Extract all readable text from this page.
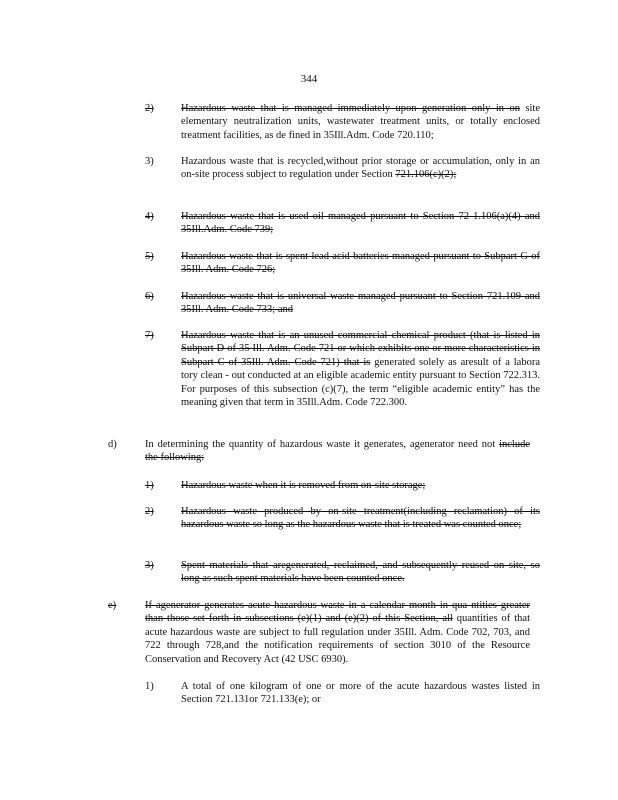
344
2)	Hazardous waste that is managed immediately upon generation only in on site elementary neutralization units, wastewater treatment units, or totally enclosed treatment facilities, as de fined in 35Ill.Adm. Code 720.110;
3)	Hazardous waste that is recycled,without prior storage or accumulation, only in an on-site process subject to regulation under Section 721.106(c)(2);
4)	Hazardous waste that is used oil managed pursuant to Section 72 1.106(a)(4) and 35Ill.Adm. Code 739;
5)	Hazardous waste that is spent lead acid batteries managed pursuant to Subpart G of 35Ill. Adm. Code 726;
6)	Hazardous waste that is universal waste managed pursuant to Section 721.109 and 35Ill. Adm. Code 733; and
7)	Hazardous waste that is an unused commercial chemical product (that is listed in Subpart D of 35 Ill. Adm. Code 721 or which exhibits one or more characteristics in Subpart C of 35Ill. Adm. Code 721) that is generated solely as aresult of a labora tory clean - out conducted at an eligible academic entity pursuant to Section 722.313. For purposes of this subsection (c)(7), the term “eligible academic entity” has the meaning given that term in 35Ill.Adm. Code 722.300.
d)	In determining the quantity of hazardous waste it generates, agenerator need not include the following:
1)	Hazardous waste when it is removed from on-site storage;
2)	Hazardous waste produced by on-site treatment(including reclamation) of its hazardous waste so long as the hazardous waste that is treated was counted once;
3)	Spent materials that aregenerated, reclaimed, and subsequently reused on site, so long as such spent materials have been counted once.
e)	If agenerator generates acute hazardous waste in a calendar month in qua ntities greater than those set forth in subsections (e)(1) and (e)(2) of this Section, all quantities of that acute hazardous waste are subject to full regulation under 35Ill. Adm. Code 702, 703, and 722 through 728,and the notification requirements of section 3010 of the Resource Conservation and Recovery Act (42 USC 6930).
1)	A total of one kilogram of one or more of the acute hazardous wastes listed in Section 721.131or 721.133(e); or
